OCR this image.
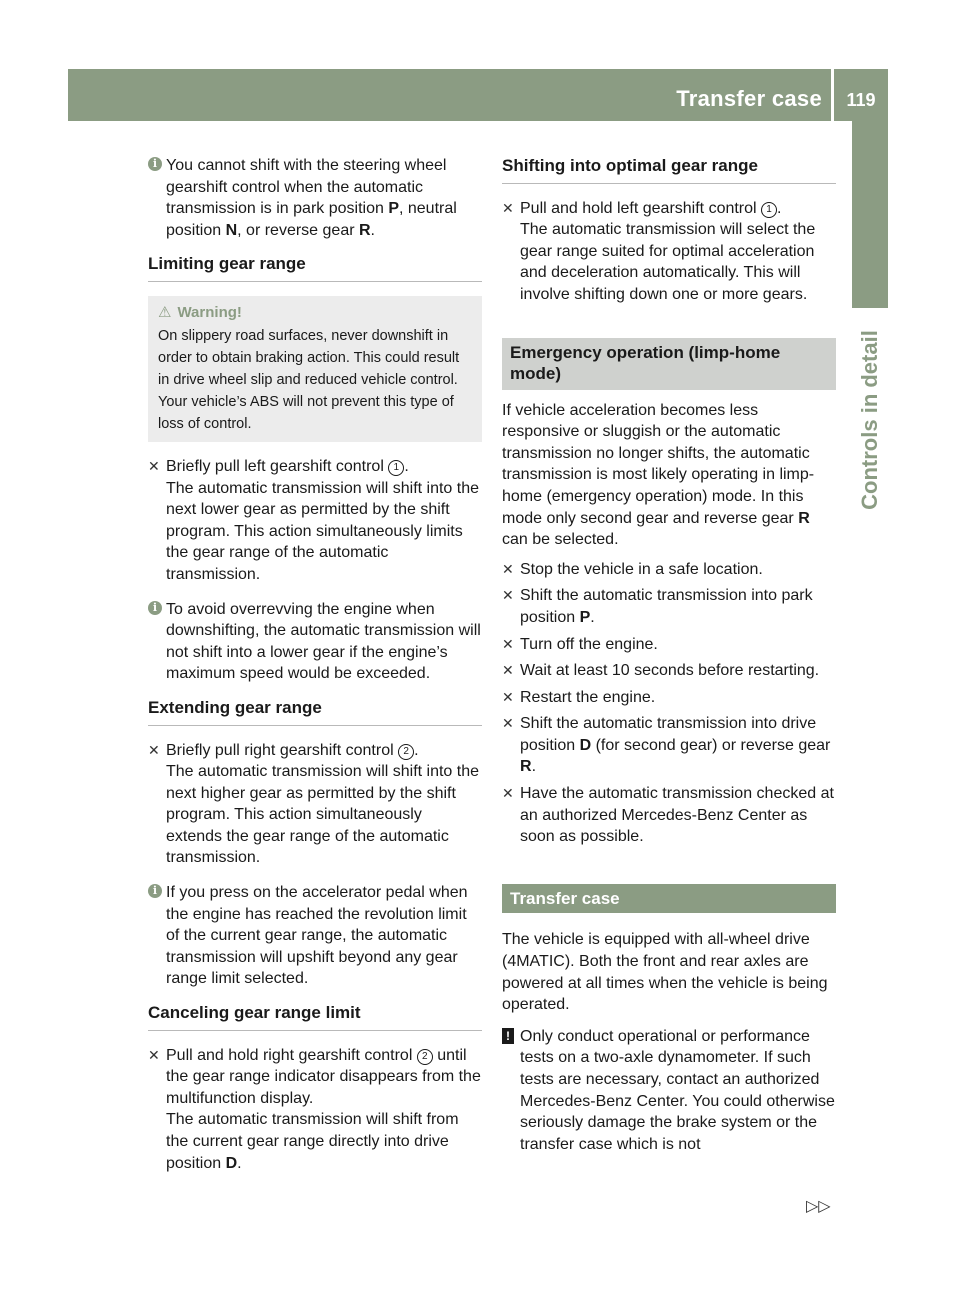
Transfer case	119
Controls in detail
i You cannot shift with the steering wheel gearshift control when the automatic transmission is in park position P, neutral position N, or reverse gear R.
Limiting gear range
⚠ Warning!
On slippery road surfaces, never downshift in order to obtain braking action. This could result in drive wheel slip and reduced vehicle control. Your vehicle’s ABS will not prevent this type of loss of control.
✕ Briefly pull left gearshift control 1 .
The automatic transmission will shift into the next lower gear as permitted by the shift program. This action simultaneously limits the gear range of the automatic transmission.
i To avoid overrevving the engine when downshifting, the automatic transmission will not shift into a lower gear if the engine’s maximum speed would be exceeded.
Extending gear range
✕ Briefly pull right gearshift control 2 .
The automatic transmission will shift into the next higher gear as permitted by the shift program. This action simultaneously extends the gear range of the automatic transmission.
i If you press on the accelerator pedal when the engine has reached the revolution limit of the current gear range, the automatic transmission will upshift beyond any gear range limit selected.
Canceling gear range limit
✕ Pull and hold right gearshift control 2 until the gear range indicator disappears from the multifunction display.
The automatic transmission will shift from the current gear range directly into drive position D.
Shifting into optimal gear range
✕ Pull and hold left gearshift control 1 .
The automatic transmission will select the gear range suited for optimal acceleration and deceleration automatically. This will involve shifting down one or more gears.
Emergency operation (limp-home mode)

If vehicle acceleration becomes less responsive or sluggish or the automatic transmission no longer shifts, the automatic transmission is most likely operating in limp-home (emergency operation) mode. In this mode only second gear and reverse gear R can be selected.

✕ Stop the vehicle in a safe location.
✕ Shift the automatic transmission into park position P.
✕ Turn off the engine.
✕ Wait at least 10 seconds before restarting.
✕ Restart the engine.
✕ Shift the automatic transmission into drive position D (for second gear) or reverse gear R.
✕ Have the automatic transmission checked at an authorized Mercedes-Benz Center as soon as possible.
Transfer case

The vehicle is equipped with all-wheel drive (4MATIC). Both the front and rear axles are powered at all times when the vehicle is being operated.

! Only conduct operational or performance tests on a two-axle dynamometer. If such tests are necessary, contact an authorized Mercedes-Benz Center. You could otherwise seriously damage the brake system or the transfer case which is not
▷▷
